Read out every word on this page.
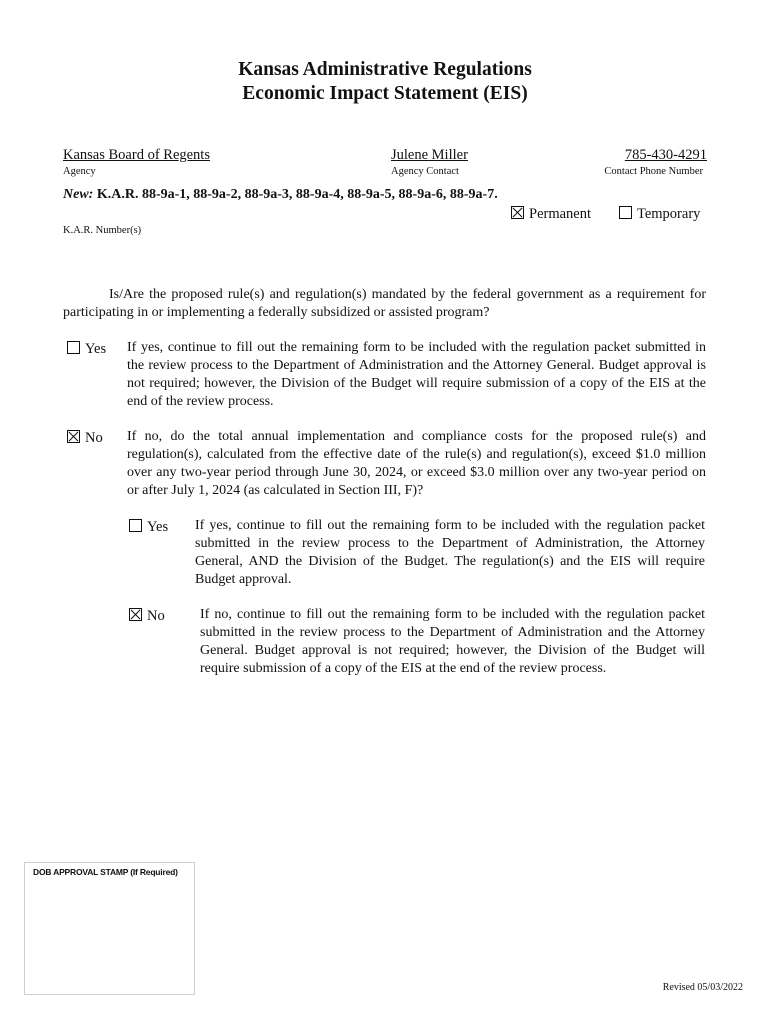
Kansas Administrative Regulations
Economic Impact Statement (EIS)
Kansas Board of Regents
Agency
Julene Miller
Agency Contact
785-430-4291
Contact Phone Number
New: K.A.R. 88-9a-1, 88-9a-2, 88-9a-3, 88-9a-4, 88-9a-5, 88-9a-6, 88-9a-7.
Permanent	Temporary
K.A.R. Number(s)
Is/Are the proposed rule(s) and regulation(s) mandated by the federal government as a requirement for participating in or implementing a federally subsidized or assisted program?
Yes If yes, continue to fill out the remaining form to be included with the regulation packet submitted in the review process to the Department of Administration and the Attorney General. Budget approval is not required; however, the Division of the Budget will require submission of a copy of the EIS at the end of the review process.
No If no, do the total annual implementation and compliance costs for the proposed rule(s) and regulation(s), calculated from the effective date of the rule(s) and regulation(s), exceed $1.0 million over any two-year period through June 30, 2024, or exceed $3.0 million over any two-year period on or after July 1, 2024 (as calculated in Section III, F)?
Yes If yes, continue to fill out the remaining form to be included with the regulation packet submitted in the review process to the Department of Administration, the Attorney General, AND the Division of the Budget. The regulation(s) and the EIS will require Budget approval.
No	If no, continue to fill out the remaining form to be included with the regulation packet submitted in the review process to the Department of Administration and the Attorney General. Budget approval is not required; however, the Division of the Budget will require submission of a copy of the EIS at the end of the review process.
DOB APPROVAL STAMP (If Required)
Revised 05/03/2022
